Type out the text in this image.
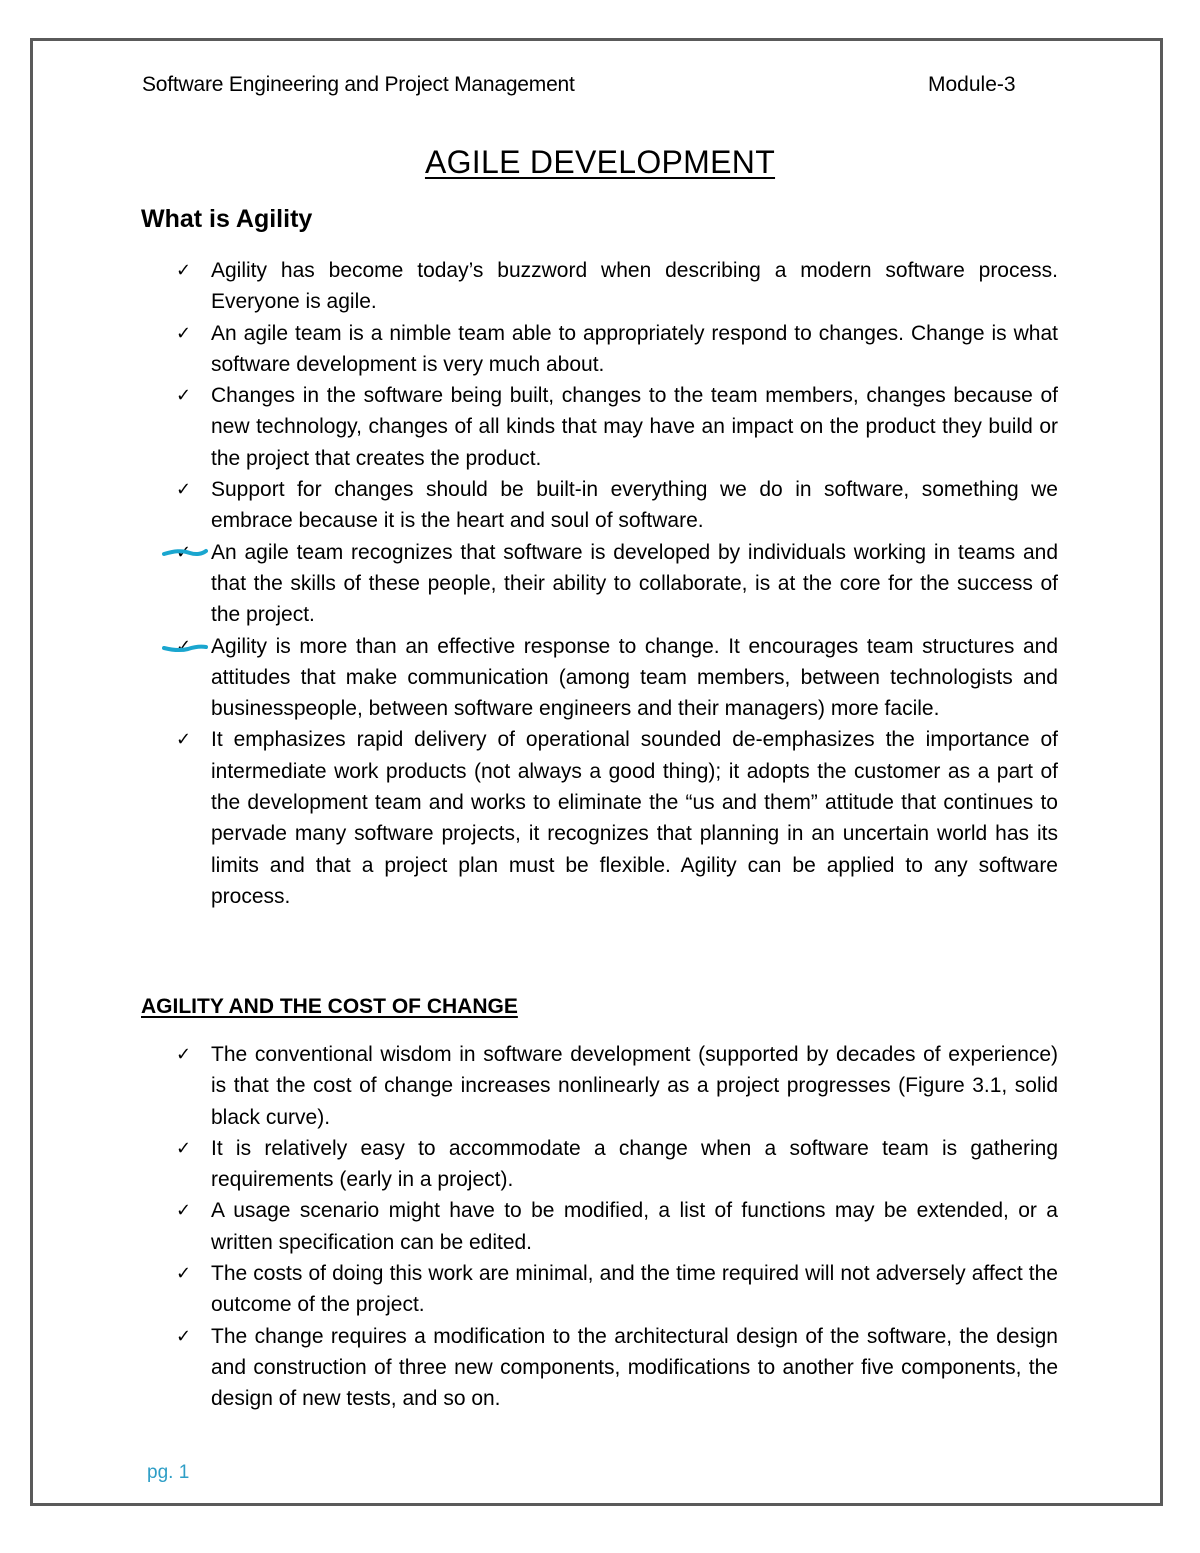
Software Engineering and Project Management	Module-3
AGILE DEVELOPMENT
What is Agility
✓ Agility has become today’s buzzword when describing a modern software process. Everyone is agile.
✓ An agile team is a nimble team able to appropriately respond to changes. Change is what software development is very much about.
✓ Changes in the software being built, changes to the team members, changes because of new technology, changes of all kinds that may have an impact on the product they build or the project that creates the product.
✓ Support for changes should be built-in everything we do in software, something we embrace because it is the heart and soul of software.
✓ An agile team recognizes that software is developed by individuals working in teams and that the skills of these people, their ability to collaborate, is at the core for the success of the project.
✓ Agility is more than an effective response to change. It encourages team structures and attitudes that make communication (among team members, between technologists and businesspeople, between software engineers and their managers) more facile.
✓ It emphasizes rapid delivery of operational sounded de-emphasizes the importance of intermediate work products (not always a good thing); it adopts the customer as a part of the development team and works to eliminate the “us and them” attitude that continues to pervade many software projects, it recognizes that planning in an uncertain world has its limits and that a project plan must be flexible. Agility can be applied to any software process.
AGILITY AND THE COST OF CHANGE
✓ The conventional wisdom in software development (supported by decades of experience) is that the cost of change increases nonlinearly as a project progresses (Figure 3.1, solid black curve).
✓ It is relatively easy to accommodate a change when a software team is gathering requirements (early in a project).
✓ A usage scenario might have to be modified, a list of functions may be extended, or a written specification can be edited.
✓ The costs of doing this work are minimal, and the time required will not adversely affect the outcome of the project.
✓ The change requires a modification to the architectural design of the software, the design and construction of three new components, modifications to another five components, the design of new tests, and so on.
pg. 1
